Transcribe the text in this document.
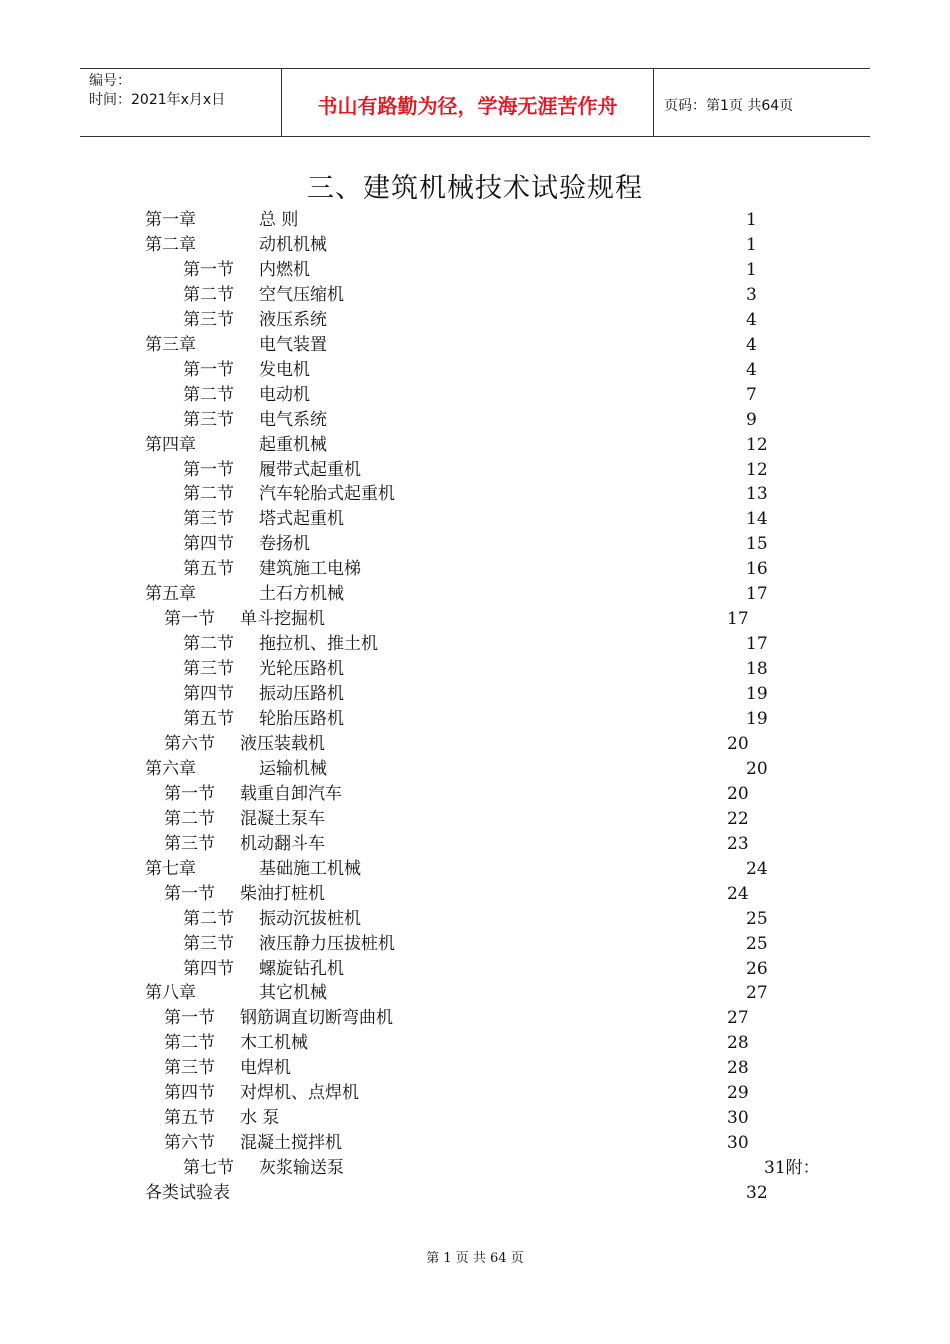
编号：
时间：2021年x月x日	书山有路勤为径，学海无涯苦作舟	页码：第1页 共64页
三、建筑机械技术试验规程
第一章	总 则	1
第二章	动机机械	1
第一节 内燃机	1
第二节 空气压缩机	3
第三节 液压系统	4
第三章	电气装置	4
第一节 发电机	4
第二节 电动机	7
第三节 电气系统	9
第四章	起重机械	12
第一节 履带式起重机	12
第二节 汽车轮胎式起重机	13
第三节 塔式起重机	14
第四节 卷扬机	15
第五节 建筑施工电梯	16
第五章	土石方机械	17
第一节 单斗挖掘机	17
第二节 拖拉机、推土机	17
第三节 光轮压路机	18
第四节 振动压路机	19
第五节 轮胎压路机	19
第六节 液压装载机	20
第六章	运输机械	20
第一节 载重自卸汽车	20
第二节 混凝土泵车	22
第三节 机动翻斗车	23
第七章	基础施工机械	24
第一节 柴油打桩机	24
第二节 振动沉拔桩机	25
第三节 液压静力压拔桩机	25
第四节 螺旋钻孔机	26
第八章	其它机械	27
第一节 钢筋调直切断弯曲机	27
第二节 木工机械	28
第三节 电焊机	28
第四节 对焊机、点焊机	29
第五节 水 泵	30
第六节 混凝土搅拌机	30
第七节 灰浆输送泵	31附：
各类试验表	32
第 1 页 共 64 页
